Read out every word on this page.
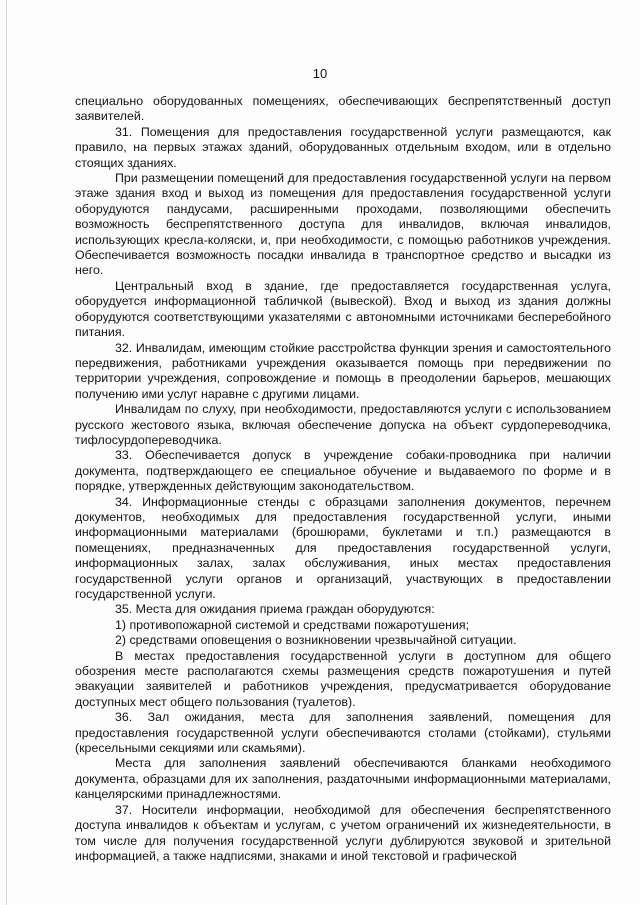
10

специально оборудованных помещениях, обеспечивающих беспрепятственный доступ заявителей.

31. Помещения для предоставления государственной услуги размещаются, как правило, на первых этажах зданий, оборудованных отдельным входом, или в отдельно стоящих зданиях.

При размещении помещений для предоставления государственной услуги на первом этаже здания вход и выход из помещения для предоставления государственной услуги оборудуются пандусами, расширенными проходами, позволяющими обеспечить возможность беспрепятственного доступа для инвалидов, включая инвалидов, использующих кресла-коляски, и, при необходимости, с помощью работников учреждения. Обеспечивается возможность посадки инвалида в транспортное средство и высадки из него.

Центральный вход в здание, где предоставляется государственная услуга, оборудуется информационной табличкой (вывеской). Вход и выход из здания должны оборудуются соответствующими указателями с автономными источниками бесперебойного питания.

32. Инвалидам, имеющим стойкие расстройства функции зрения и самостоятельного передвижения, работниками учреждения оказывается помощь при передвижении по территории учреждения, сопровождение и помощь в преодолении барьеров, мешающих получению ими услуг наравне с другими лицами.

Инвалидам по слуху, при необходимости, предоставляются услуги с использованием русского жестового языка, включая обеспечение допуска на объект сурдопереводчика, тифлосурдопереводчика.

33. Обеспечивается допуск в учреждение собаки-проводника при наличии документа, подтверждающего ее специальное обучение и выдаваемого по форме и в порядке, утвержденных действующим законодательством.

34. Информационные стенды с образцами заполнения документов, перечнем документов, необходимых для предоставления государственной услуги, иными информационными материалами (брошюрами, буклетами и т.п.) размещаются в помещениях, предназначенных для предоставления государственной услуги, информационных залах, залах обслуживания, иных местах предоставления государственной услуги органов и организаций, участвующих в предоставлении государственной услуги.

35. Места для ожидания приема граждан оборудуются:

1) противопожарной системой и средствами пожаротушения;

2) средствами оповещения о возникновении чрезвычайной ситуации.

В местах предоставления государственной услуги в доступном для общего обозрения месте располагаются схемы размещения средств пожаротушения и путей эвакуации заявителей и работников учреждения, предусматривается оборудование доступных мест общего пользования (туалетов).

36. Зал ожидания, места для заполнения заявлений, помещения для предоставления государственной услуги обеспечиваются столами (стойками), стульями (кресельными секциями или скамьями).

Места для заполнения заявлений обеспечиваются бланками необходимого документа, образцами для их заполнения, раздаточными информационными материалами, канцелярскими принадлежностями.

37. Носители информации, необходимой для обеспечения беспрепятственного доступа инвалидов к объектам и услугам, с учетом ограничений их жизнедеятельности, в том числе для получения государственной услуги дублируются звуковой и зрительной информацией, а также надписями, знаками и иной текстовой и графической
